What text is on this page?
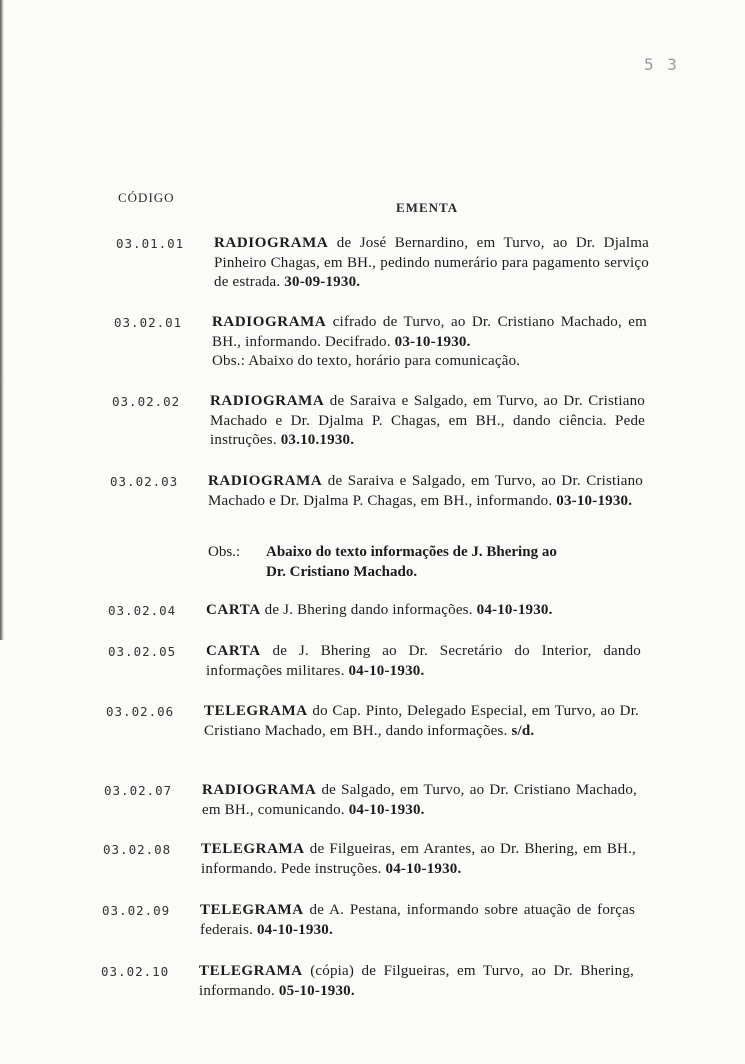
5 3
CÓDIGO
EMENTA
03.01.01	RADIOGRAMA de José Bernardino, em Turvo, ao Dr. Djalma Pinheiro Chagas, em BH., pedindo numerário para pagamento serviço de estrada. 30-09-1930.
03.02.01	RADIOGRAMA cifrado de Turvo, ao Dr. Cristiano Machado, em BH., informando. Decifrado. 03-10-1930.
Obs.: Abaixo do texto, horário para comunicação.
03.02.02	RADIOGRAMA de Saraiva e Salgado, em Turvo, ao Dr. Cristiano Machado e Dr. Djalma P. Chagas, em BH., dando ciência. Pede instruções. 03.10.1930.
03.02.03	RADIOGRAMA de Saraiva e Salgado, em Turvo, ao Dr. Cristiano Machado e Dr. Djalma P. Chagas, em BH., informando. 03-10-1930.
Obs.: Abaixo do texto informações de J. Bhering ao
Dr. Cristiano Machado.
03.02.04	CARTA de J. Bhering dando informações. 04-10-1930.
03.02.05	CARTA de J. Bhering ao Dr. Secretário do Interior, dando informações militares. 04-10-1930.
03.02.06	TELEGRAMA do Cap. Pinto, Delegado Especial, em Turvo, ao Dr. Cristiano Machado, em BH., dando informações. s/d.
03.02.07	RADIOGRAMA de Salgado, em Turvo, ao Dr. Cristiano Machado, em BH., comunicando. 04-10-1930.
03.02.08	TELEGRAMA de Filgueiras, em Arantes, ao Dr. Bhering, em BH., informando. Pede instruções. 04-10-1930.
03.02.09	TELEGRAMA de A. Pestana, informando sobre atuação de forças federais. 04-10-1930.
03.02.10	TELEGRAMA (cópia) de Filgueiras, em Turvo, ao Dr. Bhering, informando. 05-10-1930.
